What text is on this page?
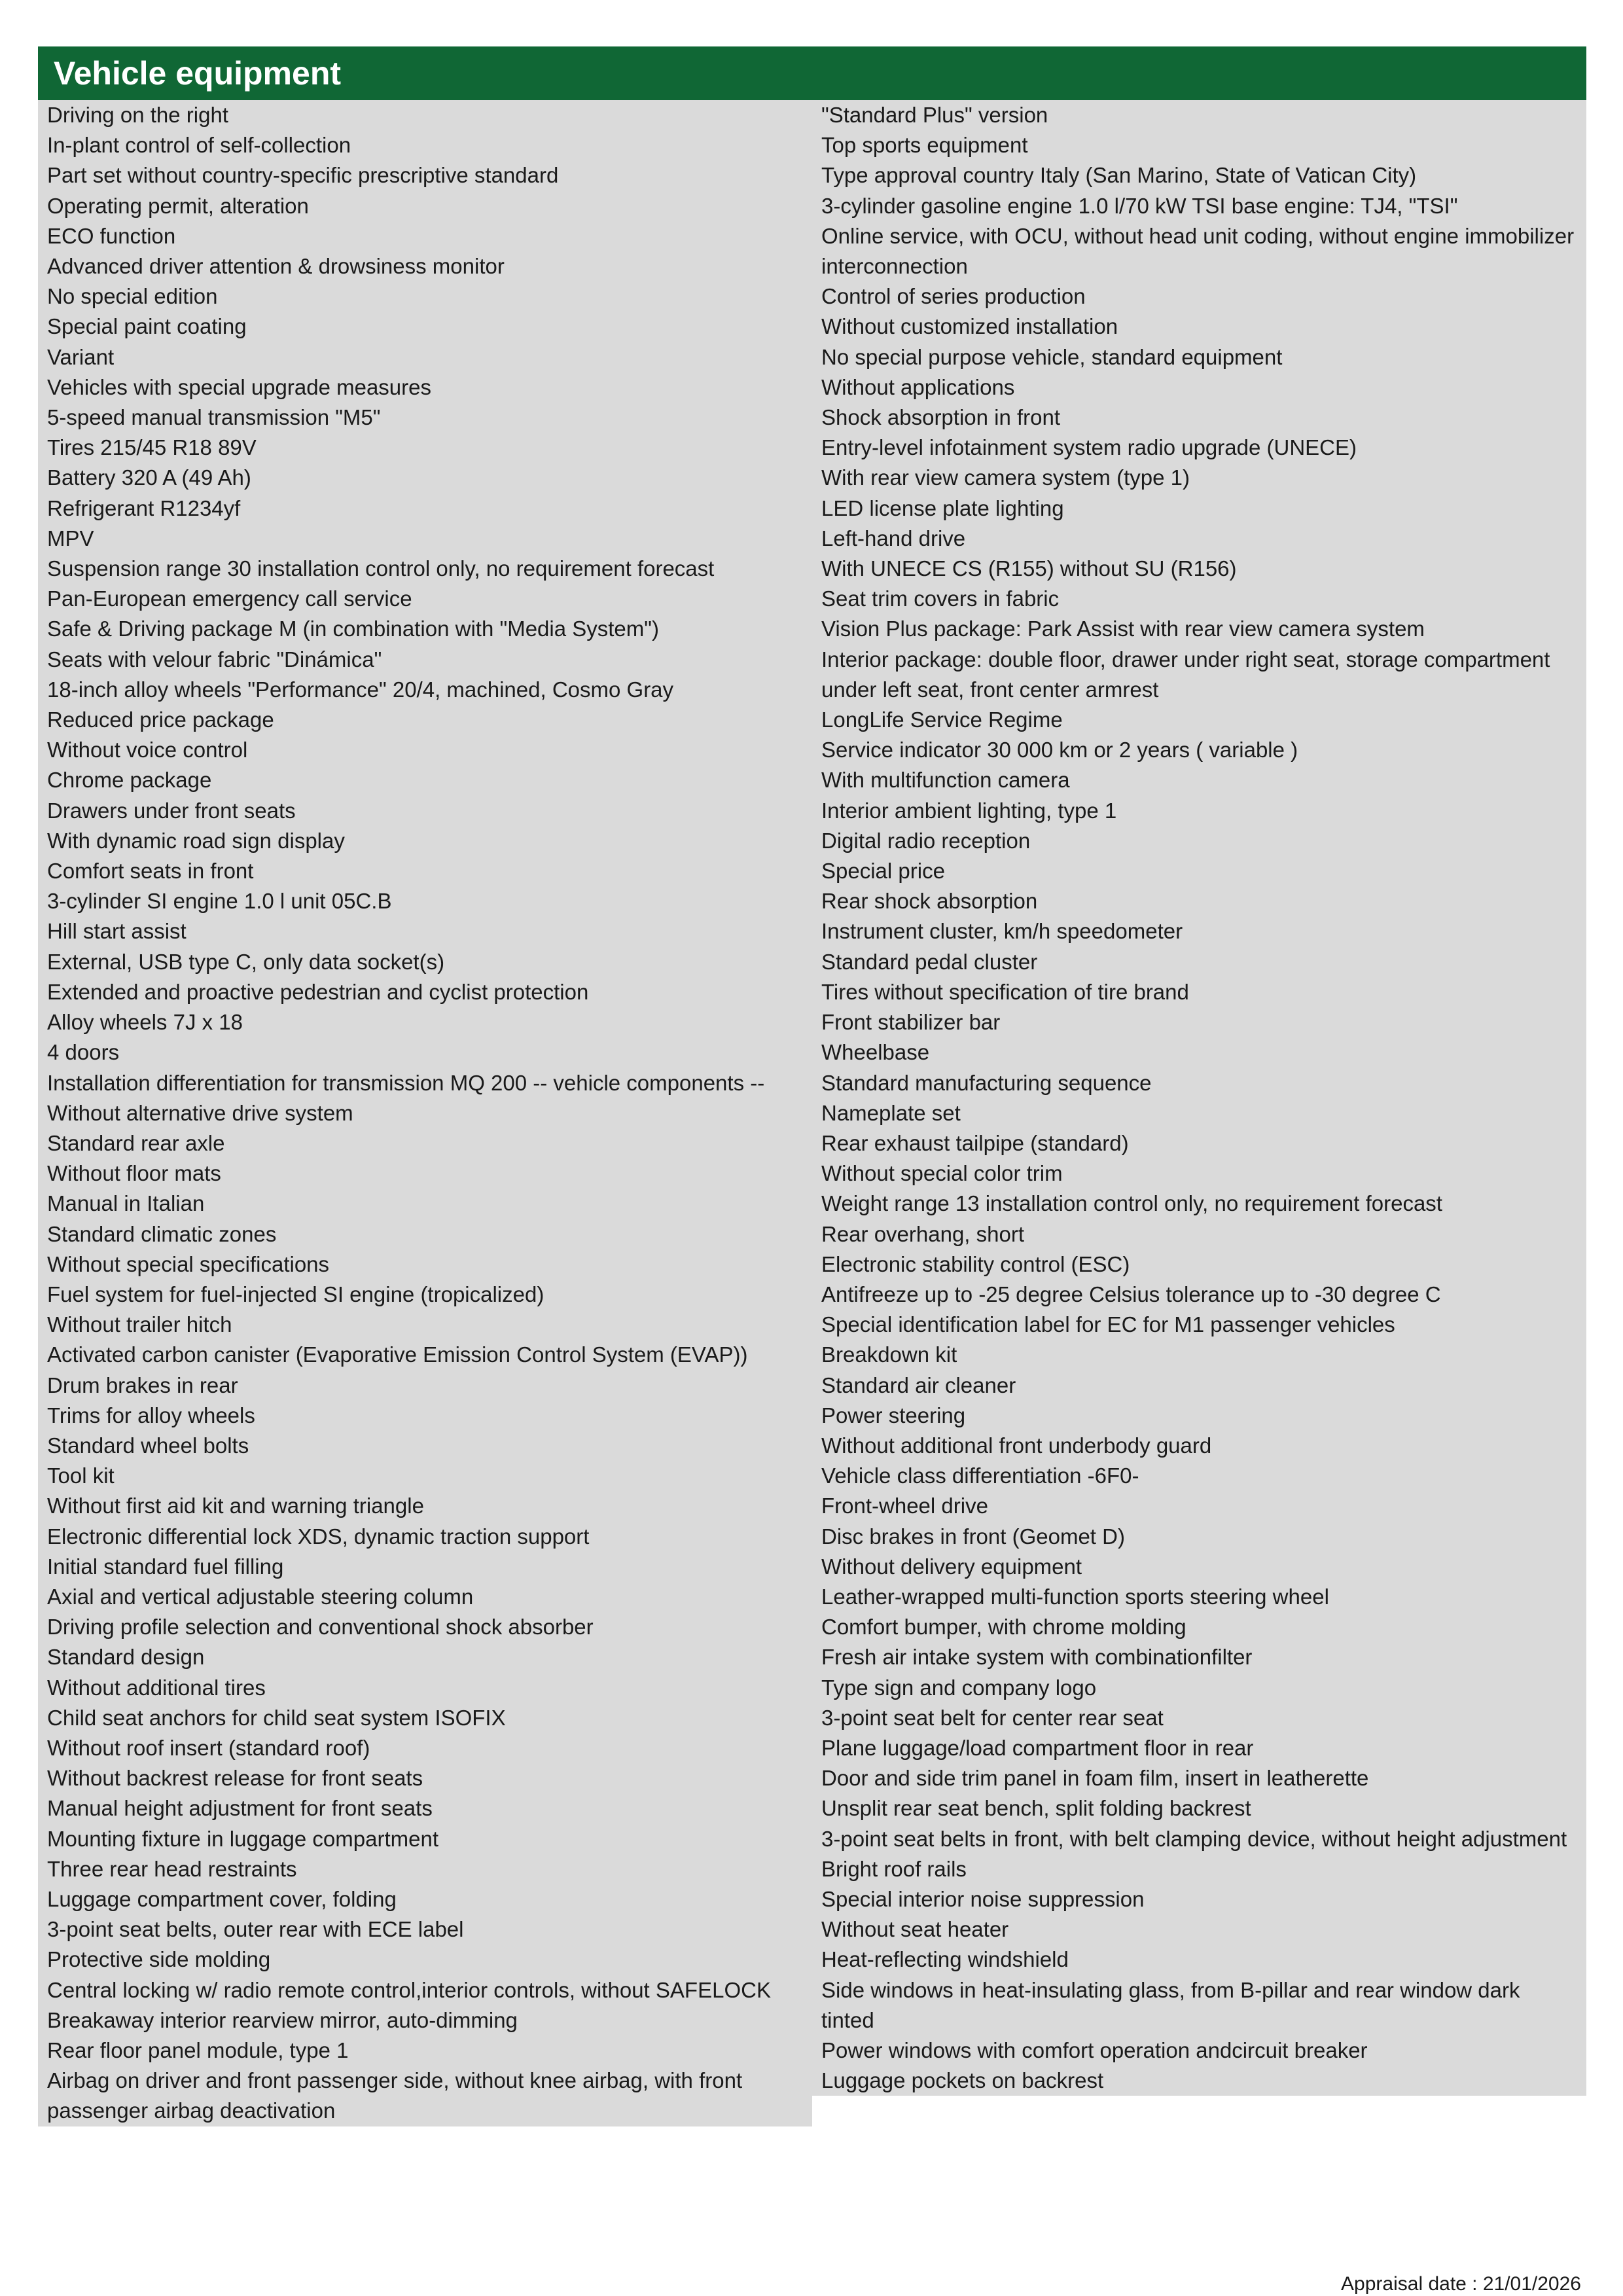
Vehicle equipment
Driving on the right
In-plant control of self-collection
Part set without country-specific prescriptive standard
Operating permit, alteration
ECO function
Advanced driver attention & drowsiness monitor
No special edition
Special paint coating
Variant
Vehicles with special upgrade measures
5-speed manual transmission "M5"
Tires 215/45 R18 89V
Battery 320 A (49 Ah)
Refrigerant R1234yf
MPV
Suspension range 30 installation control only, no requirement forecast
Pan-European emergency call service
Safe & Driving package M (in combination with "Media System")
Seats with velour fabric "Dinámica"
18-inch alloy wheels "Performance" 20/4, machined, Cosmo Gray
Reduced price package
Without voice control
Chrome package
Drawers under front seats
With dynamic road sign display
Comfort seats in front
3-cylinder SI engine 1.0 l unit 05C.B
Hill start assist
External, USB type C, only data socket(s)
Extended and proactive pedestrian and cyclist protection
Alloy wheels 7J x 18
4 doors
Installation differentiation for transmission MQ 200 -- vehicle components --
Without alternative drive system
Standard rear axle
Without floor mats
Manual in Italian
Standard climatic zones
Without special specifications
Fuel system for fuel-injected SI engine (tropicalized)
Without trailer hitch
Activated carbon canister (Evaporative Emission Control System (EVAP))
Drum brakes in rear
Trims for alloy wheels
Standard wheel bolts
Tool kit
Without first aid kit and warning triangle
Electronic differential lock XDS, dynamic traction support
Initial standard fuel filling
Axial and vertical adjustable steering column
Driving profile selection and conventional shock absorber
Standard design
Without additional tires
Child seat anchors for child seat system ISOFIX
Without roof insert (standard roof)
Without backrest release for front seats
Manual height adjustment for front seats
Mounting fixture in luggage compartment
Three rear head restraints
Luggage compartment cover, folding
3-point seat belts, outer rear with ECE label
Protective side molding
Central locking w/ radio remote control,interior controls, without SAFELOCK
Breakaway interior rearview mirror, auto-dimming
Rear floor panel module, type 1
Airbag on driver and front passenger side, without knee airbag, with front passenger airbag deactivation
"Standard Plus" version
Top sports equipment
Type approval country Italy (San Marino, State of Vatican City)
3-cylinder gasoline engine 1.0 l/70 kW TSI base engine: TJ4, "TSI"
Online service, with OCU, without head unit coding, without engine immobilizer interconnection
Control of series production
Without customized installation
No special purpose vehicle, standard equipment
Without applications
Shock absorption in front
Entry-level infotainment system radio upgrade (UNECE)
With rear view camera system (type 1)
LED license plate lighting
Left-hand drive
With UNECE CS (R155) without SU (R156)
Seat trim covers in fabric
Vision Plus package: Park Assist with rear view camera system
Interior package: double floor, drawer under right seat, storage compartment under left seat, front center armrest
LongLife Service Regime
Service indicator 30 000 km or 2 years ( variable )
With multifunction camera
Interior ambient lighting, type 1
Digital radio reception
Special price
Rear shock absorption
Instrument cluster, km/h speedometer
Standard pedal cluster
Tires without specification of tire brand
Front stabilizer bar
Wheelbase
Standard manufacturing sequence
Nameplate set
Rear exhaust tailpipe (standard)
Without special color trim
Weight range 13 installation control only, no requirement forecast
Rear overhang, short
Electronic stability control (ESC)
Antifreeze up to -25 degree Celsius tolerance up to -30 degree C
Special identification label for EC for M1 passenger vehicles
Breakdown kit
Standard air cleaner
Power steering
Without additional front underbody guard
Vehicle class differentiation -6F0-
Front-wheel drive
Disc brakes in front (Geomet D)
Without delivery equipment
Leather-wrapped multi-function sports steering wheel
Comfort bumper, with chrome molding
Fresh air intake system with combinationfilter
Type sign and company logo
3-point seat belt for center rear seat
Plane luggage/load compartment floor in rear
Door and side trim panel in foam film, insert in leatherette
Unsplit rear seat bench, split folding backrest
3-point seat belts in front, with belt clamping device, without height adjustment
Bright roof rails
Special interior noise suppression
Without seat heater
Heat-reflecting windshield
Side windows in heat-insulating glass, from B-pillar and rear window dark tinted
Power windows with comfort operation andcircuit breaker
Luggage pockets on backrest
Appraisal date : 21/01/2026
